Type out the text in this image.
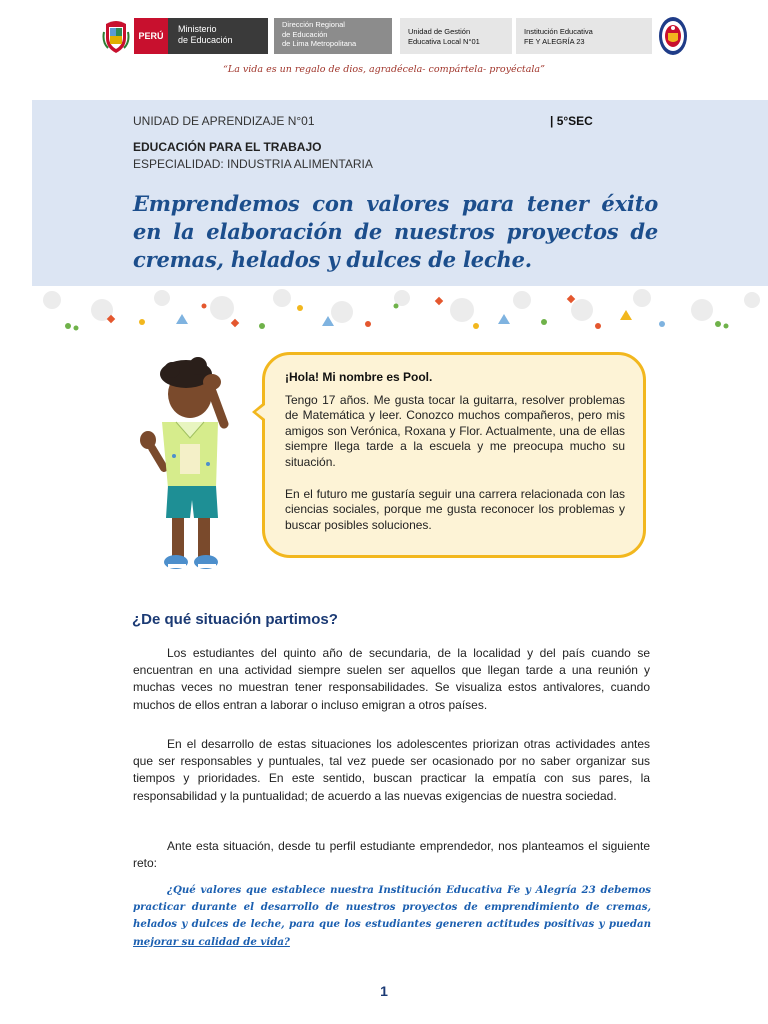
PERÚ
Ministerio
de Educación
Dirección Regional
de Educación
de Lima Metropolitana
Unidad de Gestión
Educativa Local N°01
Institución Educativa
FE Y ALEGRÍA 23
“La vida es un regalo de dios, agradécela- compártela- proyéctala”
UNIDAD DE APRENDIZAJE N°01	| 5°SEC
EDUCACIÓN PARA EL TRABAJO
ESPECIALIDAD: INDUSTRIA ALIMENTARIA
Emprendemos con valores para tener éxito en la elaboración de nuestros proyectos de cremas, helados y dulces de leche.
¡Hola! Mi nombre es Pool.

Tengo 17 años. Me gusta tocar la guitarra, resolver problemas de Matemática y leer. Conozco muchos compañeros, pero mis amigos son Verónica, Roxana y Flor. Actualmente, una de ellas siempre llega tarde a la escuela y me preocupa mucho su situación.

En el futuro me gustaría seguir una carrera relacionada con las ciencias sociales, porque me gusta reconocer los problemas y buscar posibles soluciones.

¿De qué situación partimos?

Los estudiantes del quinto año de secundaria, de la localidad y del país cuando se encuentran en una actividad siempre suelen ser aquellos que llegan tarde a una reunión y muchas veces no muestran tener responsabilidades. Se visualiza estos antivalores, cuando muchos de ellos entran a laborar o incluso emigran a otros países.

En el desarrollo de estas situaciones los adolescentes priorizan otras actividades antes que ser responsables y puntuales, tal vez puede ser ocasionado por no saber organizar sus tiempos y prioridades. En este sentido, buscan practicar la empatía con sus pares, la responsabilidad y la puntualidad; de acuerdo a las nuevas exigencias de nuestra sociedad.

Ante esta situación, desde tu perfil estudiante emprendedor, nos planteamos el siguiente reto:

¿Qué valores que establece nuestra Institución Educativa Fe y Alegría 23 debemos practicar durante el desarrollo de nuestros proyectos de emprendimiento de cremas, helados y dulces de leche, para que los estudiantes generen actitudes positivas y puedan mejorar su calidad de vida?

1
